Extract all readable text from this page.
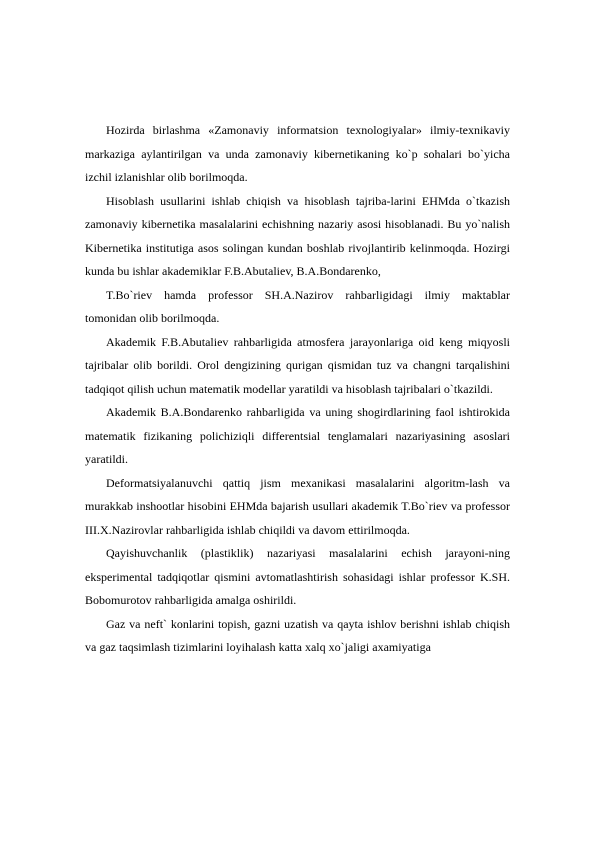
Hozirda birlashma «Zamonaviy informatsion texnologiyalar» ilmiy-texnikaviy markaziga aylantirilgan va unda zamonaviy kibernetikaning ko`p sohalari bo`yicha izchil izlanishlar olib borilmoqda.

Hisoblash usullarini ishlab chiqish va hisoblash tajriba-larini EHMda o`tkazish zamonaviy kibernetika masalalarini echishning nazariy asosi hisoblanadi. Bu yo`nalish Kibernetika institutiga asos solingan kundan boshlab rivojlantirib kelinmoqda. Hozirgi kunda bu ishlar akademiklar F.B.Abutaliev, B.A.Bondarenko,

T.Bo`riev hamda professor SH.A.Nazirov rahbarligidagi ilmiy maktablar tomonidan olib borilmoqda.

Akademik F.B.Abutaliev rahbarligida atmosfera jarayonlariga oid keng miqyosli tajribalar olib borildi. Orol dengizining qurigan qismidan tuz va changni tarqalishini tadqiqot qilish uchun matematik modellar yaratildi va hisoblash tajribalari o`tkazildi.

Akademik B.A.Bondarenko rahbarligida va uning shogirdlarining faol ishtirokida matematik fizikaning polichiziqli differentsial tenglamalari nazariyasining asoslari yaratildi.

Deformatsiyalanuvchi qattiq jism mexanikasi masalalarini algoritm-lash va murakkab inshootlar hisobini EHMda bajarish usullari akademik T.Bo`riev va professor III.X.Nazirovlar rahbarligida ishlab chiqildi va davom ettirilmoqda.

Qayishuvchanlik (plastiklik) nazariyasi masalalarini echish jarayoni-ning eksperimental tadqiqotlar qismini avtomatlashtirish sohasidagi ishlar professor K.SH. Bobomurotov rahbarligida amalga oshirildi.

Gaz va neft` konlarini topish, gazni uzatish va qayta ishlov berishni ishlab chiqish va gaz taqsimlash tizimlarini loyihalash katta xalq xo`jaligi axamiyatiga
